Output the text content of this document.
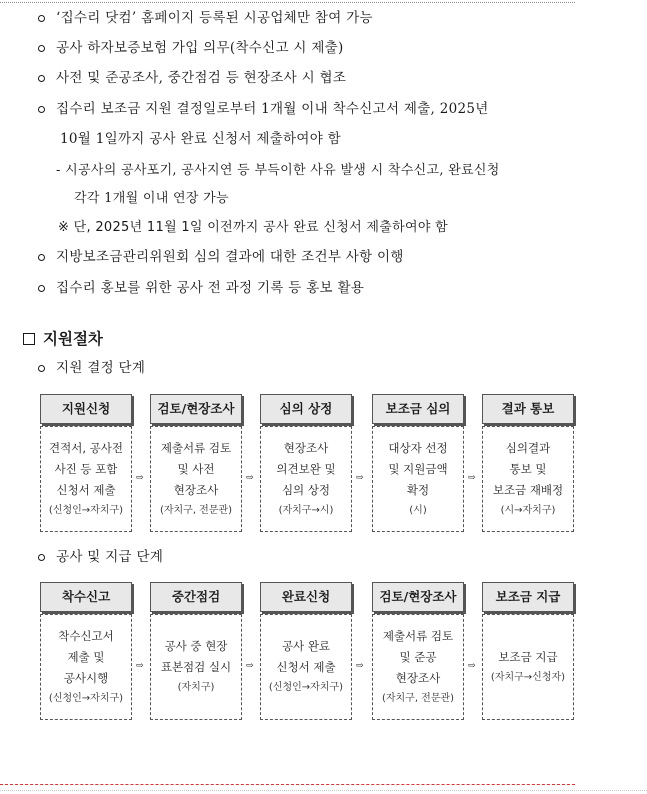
‘집수리 닷컴’ 홈페이지 등록된 시공업체만 참여 가능
공사 하자보증보험 가입 의무(착수신고 시 제출)
사전 및 준공조사, 중간점검 등 현장조사 시 협조
집수리 보조금 지원 결정일로부터 1개월 이내 착수신고서 제출, 2025년
10월 1일까지 공사 완료 신청서 제출하여야 함
- 시공사의 공사포기, 공사지연 등 부득이한 사유 발생 시 착수신고, 완료신청
각각 1개월 이내 연장 가능
※ 단, 2025년 11월 1일 이전까지 공사 완료 신청서 제출하여야 함
지방보조금관리위원회 심의 결과에 대한 조건부 사항 이행
집수리 홍보를 위한 공사 전 과정 기록 등 홍보 활용
지원절차
지원 결정 단계
공사 및 지급 단계
지원신청
견적서, 공사전
사진 등 포함
신청서 제출
(신청인→자치구)
⇨
검토/현장조사
제출서류 검토
및 사전
현장조사
(자치구, 전문관)
⇨
심의 상정
현장조사
의견보완 및
심의 상정
(자치구→시)
⇨
보조금 심의
대상자 선정
및 지원금액
확정
(시)
⇨
결과 통보
심의결과
통보 및
보조금 재배정
(시→자치구)
착수신고
착수신고서
제출 및
공사시행
(신청인→자치구)
⇨
중간점검
공사 중 현장
표본점검 실시
(자치구)
⇨
완료신청
공사 완료
신청서 제출
(신청인→자치구)
⇨
검토/현장조사
제출서류 검토
및 준공
현장조사
(자치구, 전문관)
⇨
보조금 지급
보조금 지급
(자치구→신청자)
